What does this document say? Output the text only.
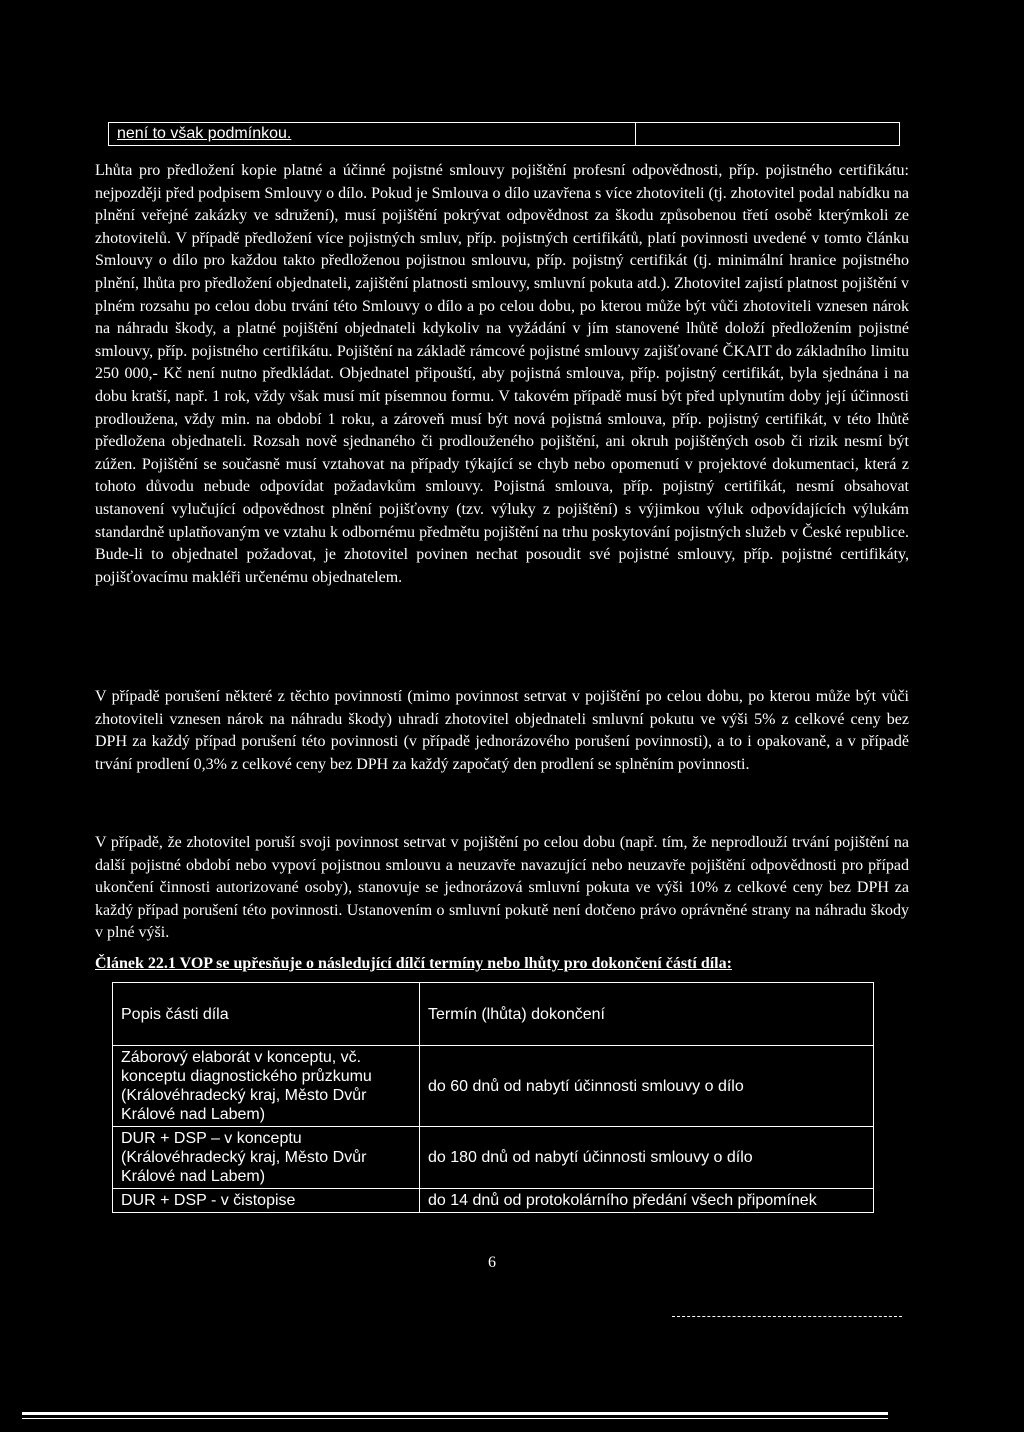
není to však podmínkou.
Lhůta pro předložení kopie platné a účinné pojistné smlouvy pojištění profesní odpovědnosti, příp. pojistného certifikátu: nejpozději před podpisem Smlouvy o dílo. Pokud je Smlouva o dílo uzavřena s více zhotoviteli (tj. zhotovitel podal nabídku na plnění veřejné zakázky ve sdružení), musí pojištění pokrývat odpovědnost za škodu způsobenou třetí osobě kterýmkoli ze zhotovitelů. V případě předložení více pojistných smluv, příp. pojistných certifikátů, platí povinnosti uvedené v tomto článku Smlouvy o dílo pro každou takto předloženou pojistnou smlouvu, příp. pojistný certifikát (tj. minimální hranice pojistného plnění, lhůta pro předložení objednateli, zajištění platnosti smlouvy, smluvní pokuta atd.). Zhotovitel zajistí platnost pojištění v plném rozsahu po celou dobu trvání této Smlouvy o dílo a po celou dobu, po kterou může být vůči zhotoviteli vznesen nárok na náhradu škody, a platné pojištění objednateli kdykoliv na vyžádání v jím stanovené lhůtě doloží předložením pojistné smlouvy, příp. pojistného certifikátu. Pojištění na základě rámcové pojistné smlouvy zajišťované ČKAIT do základního limitu 250 000,- Kč není nutno předkládat. Objednatel připouští, aby pojistná smlouva, příp. pojistný certifikát, byla sjednána i na dobu kratší, např. 1 rok, vždy však musí mít písemnou formu. V takovém případě musí být před uplynutím doby její účinnosti prodloužena, vždy min. na období 1 roku, a zároveň musí být nová pojistná smlouva, příp. pojistný certifikát, v této lhůtě předložena objednateli. Rozsah nově sjednaného či prodlouženého pojištění, ani okruh pojištěných osob či rizik nesmí být zúžen. Pojištění se současně musí vztahovat na případy týkající se chyb nebo opomenutí v projektové dokumentaci, která z tohoto důvodu nebude odpovídat požadavkům smlouvy. Pojistná smlouva, příp. pojistný certifikát, nesmí obsahovat ustanovení vylučující odpovědnost plnění pojišťovny (tzv. výluky z pojištění) s výjimkou výluk odpovídajících výlukám standardně uplatňovaným ve vztahu k odbornému předmětu pojištění na trhu poskytování pojistných služeb v České republice. Bude-li to objednatel požadovat, je zhotovitel povinen nechat posoudit své pojistné smlouvy, příp. pojistné certifikáty, pojišťovacímu makléři určenému objednatelem.
V případě porušení některé z těchto povinností (mimo povinnost setrvat v pojištění po celou dobu, po kterou může být vůči zhotoviteli vznesen nárok na náhradu škody) uhradí zhotovitel objednateli smluvní pokutu ve výši 5% z celkové ceny bez DPH za každý případ porušení této povinnosti (v případě jednorázového porušení povinnosti), a to i opakovaně, a v případě trvání prodlení 0,3% z celkové ceny bez DPH za každý započatý den prodlení se splněním povinnosti.
V případě, že zhotovitel poruší svoji povinnost setrvat v pojištění po celou dobu (např. tím, že neprodlouží trvání pojištění na další pojistné období nebo vypoví pojistnou smlouvu a neuzavře navazující nebo neuzavře pojištění odpovědnosti pro případ ukončení činnosti autorizované osoby), stanovuje se jednorázová smluvní pokuta ve výši 10% z celkové ceny bez DPH za každý případ porušení této povinnosti. Ustanovením o smluvní pokutě není dotčeno právo oprávněné strany na náhradu škody v plné výši.
Článek 22.1 VOP se upřesňuje o následující dílčí termíny nebo lhůty pro dokončení částí díla:
Popis části díla	Termín (lhůta) dokončení

Záborový elaborát v konceptu, vč.
konceptu diagnostického průzkumu
(Královéhradecký kraj, Město Dvůr
Králové nad Labem)	do 60 dnů od nabytí účinnosti smlouvy o dílo

DUR + DSP – v konceptu
(Královéhradecký kraj, Město Dvůr
Králové nad Labem)	do 180 dnů od nabytí účinnosti smlouvy o dílo

DUR + DSP - v čistopise	do 14 dnů od protokolárního předání všech připomínek
6
